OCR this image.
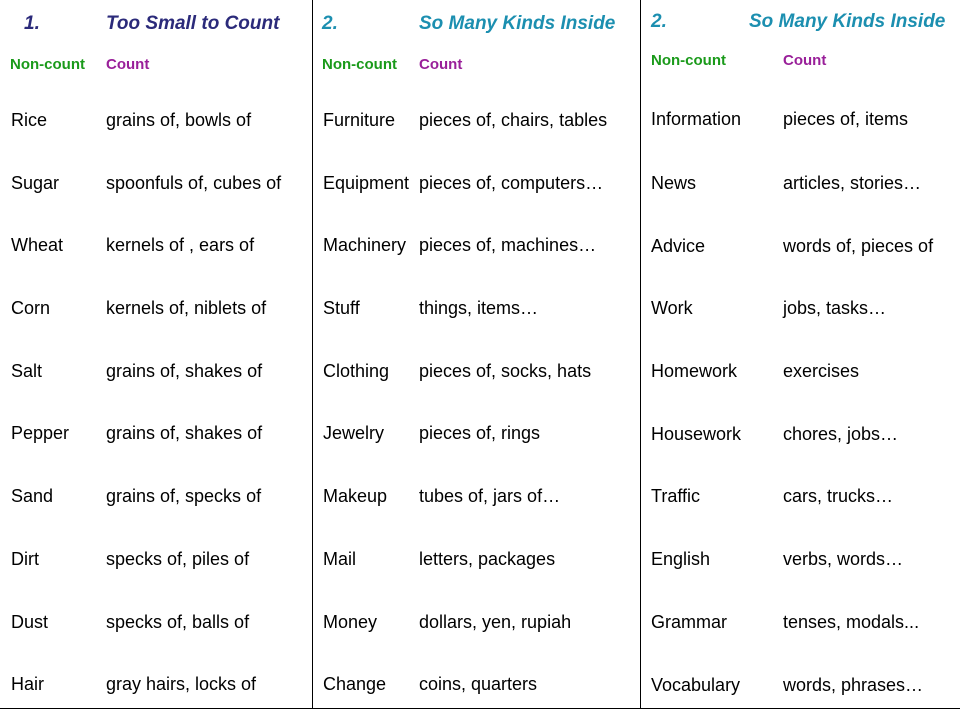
1.	Too Small to Count
Non-count Count
Rice	grains of, bowls of
Sugar	spoonfuls of, cubes of
Wheat kernels of , ears of
Corn	kernels of, niblets of
Salt	grains of, shakes of
Pepper grains of, shakes of
Sand	grains of, specks of
Dirt	specks of, piles of
Dust	specks of, balls of
Hair	gray hairs, locks of
2.	So Many Kinds Inside
Non-count Count
Furniture pieces of, chairs, tables
Equipment pieces of, computers…
Machinery pieces of, machines…
Stuff	things, items…
Clothing pieces of, socks, hats
Jewelry pieces of, rings
Makeup tubes of, jars of…
Mail	letters, packages
Money dollars, yen, rupiah
Change coins, quarters
2.	So Many Kinds Inside
Non-count	Count
Information pieces of, items
News	articles, stories…
Advice	words of, pieces of
Work	jobs, tasks…
Homework	exercises
Housework chores, jobs…
Traffic	cars, trucks…
English	verbs, words…
Grammar	tenses, modals...
Vocabulary words, phrases…
